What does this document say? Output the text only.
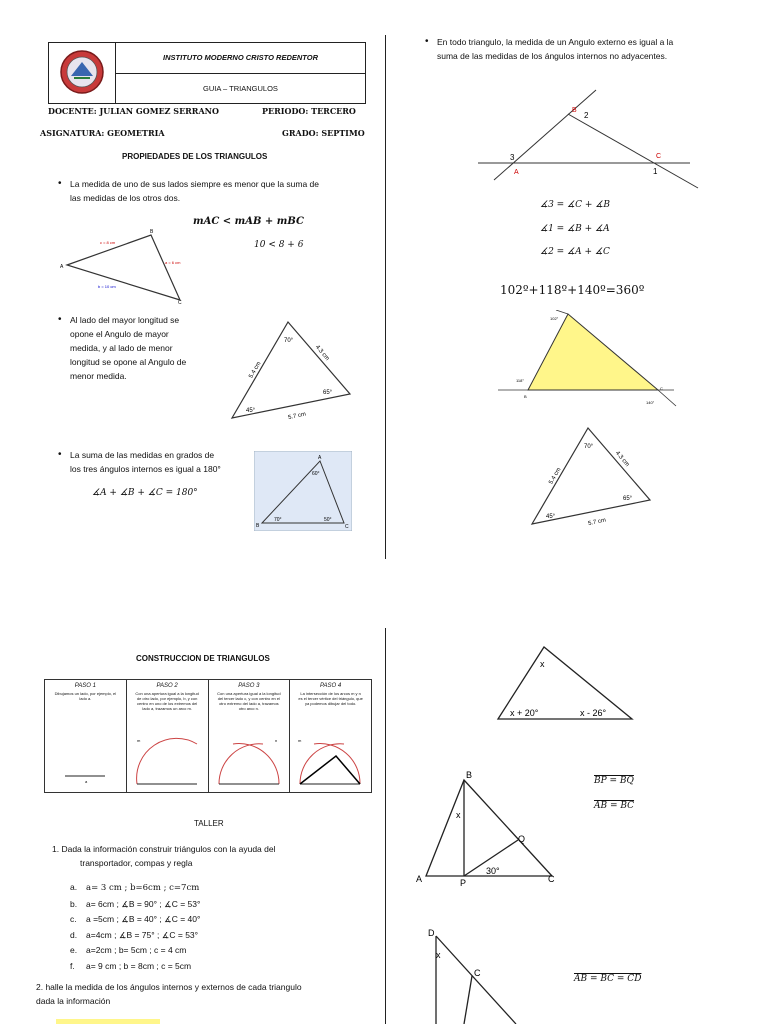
	INSTITUTO MODERNO CRISTO REDENTOR
GUIA – TRIANGULOS
DOCENTE: JULIAN GOMEZ SERRANO	PERIODO: TERCERO
ASIGNATURA: GEOMETRIA	GRADO: SEPTIMO
PROPIEDADES DE LOS TRIANGULOS
• La medida de uno de sus lados siempre es menor que la suma de
las medidas de los otros dos.
mAC < mAB + mBC
10 < 8 + 6
A
B
C
c = 8 cm
a = 6 cm
b = 10 cm
• Al lado del mayor longitud se
opone el Angulo de mayor
medida, y al lado de menor
longitud se opone al Angulo de
menor medida.
70°
45°
65°
5.4 cm
4.3 cm
5.7 cm
• La suma de las medidas en grados de
los tres ángulos internos es igual a 180°
∡A + ∡B + ∡C = 180°
A
B	C
60°
70°	50°
• En todo triangulo, la medida de un Angulo externo es igual a la
suma de las medidas de los ángulos internos no adyacentes.
A
B
C
1
2
3
∡3 = ∡C + ∡B
∡1 = ∡B + ∡A
∡2 = ∡A + ∡C
102º+118º+140º=360º
102°
118°
140°
B
C
70°
45°
65°
5.4 cm
4.3 cm
5.7 cm
CONSTRUCCION DE TRIANGULOS
PASO 1
Dibujamos un lado, por ejemplo, el lado a.
a
PASO 2
Con una apertura igual a la longitud de otro lado, por ejemplo, b, y con centro en uno de los extremos del lado a, trazamos un arco m.
m
PASO 3
Con una apertura igual a la longitud del tercer lado c, y con centro en el otro extremo del lado a, trazamos otro arco n.
n
PASO 4
La intersección de los arcos m y n es el tercer vértice del triángulo, que ya podemos dibujar del todo.
m
TALLER
1. Dada la información construir triángulos con la ayuda del
transportador, compas y regla
a. a= 3 cm ; b=6cm ; c=7cm
b. a= 6cm ; ∡B = 90° ; ∡C = 53°
c. a =5cm ; ∡B = 40° ; ∡C = 40°
d. a=4cm ; ∡B = 75° ; ∡C = 53°
e. a=2cm ; b= 5cm ; c = 4 cm
f. a= 9 cm ; b = 8cm ; c = 5cm
2. halle la medida de los ángulos internos y externos de cada triangulo
dada la información
x
x + 20°	x - 26°
B
A	P	C
Q
x
30°
BP = BQ
AB = BC
D
C
x
AB = BC = CD
